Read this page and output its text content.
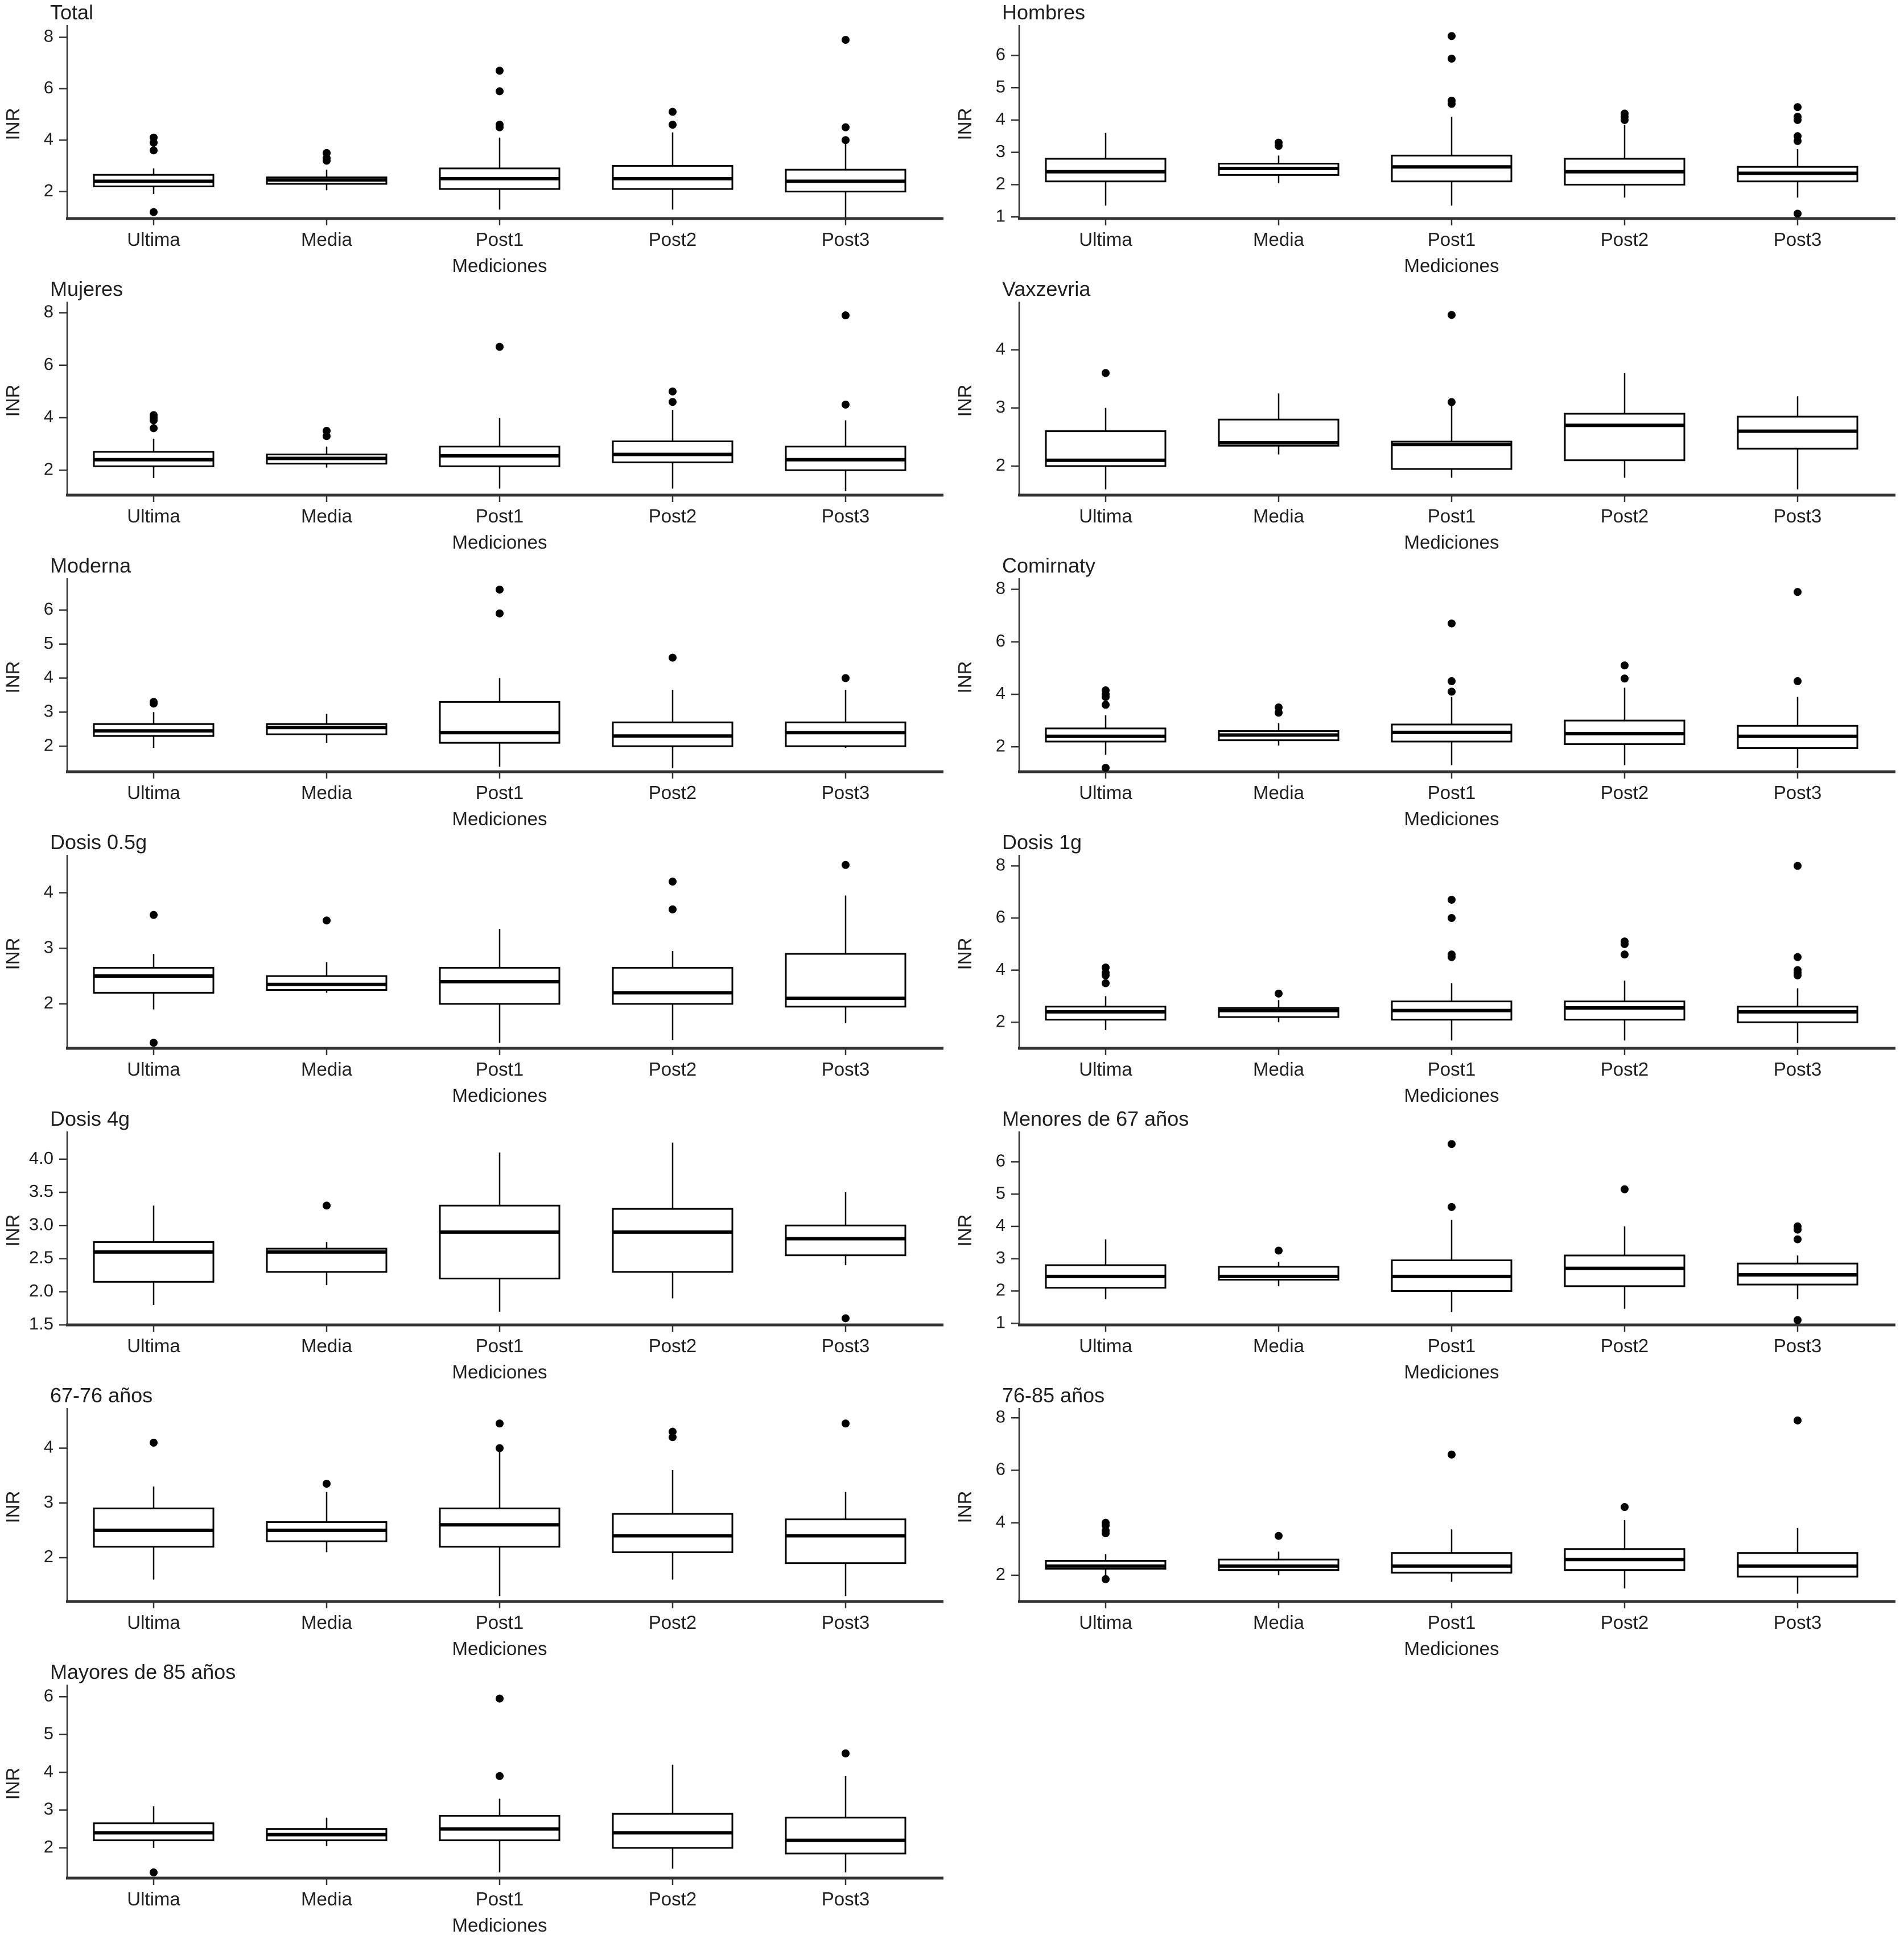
Total
2
4
6
8
INR
Ultima	Media	Post1	Post2	Post3
Mediciones
Hombres
1
2
3
4
5
6
INR
Ultima	Media	Post1	Post2	Post3
Mediciones
Mujeres
2
4
6
8
INR
Ultima	Media	Post1	Post2	Post3
Mediciones
Vaxzevria
2
3
4
INR
Ultima	Media	Post1	Post2	Post3
Mediciones
Moderna
2
3
4
5
6
INR
Ultima	Media	Post1	Post2	Post3
Mediciones
Comirnaty
2
4
6
8
INR
Ultima	Media	Post1	Post2	Post3
Mediciones
Dosis 0.5g
2
3
4
INR
Ultima	Media	Post1	Post2	Post3
Mediciones
Dosis 1g
2
4
6
8
INR
Ultima	Media	Post1	Post2	Post3
Mediciones
Dosis 4g
1.5
2.0
2.5
3.0
3.5
4.0
INR
Ultima	Media	Post1	Post2	Post3
Mediciones
Menores de 67 años
1
2
3
4
5
6
INR
Ultima	Media	Post1	Post2	Post3
Mediciones
67-76 años
2
3
4
INR
Ultima	Media	Post1	Post2	Post3
Mediciones
76-85 años
2
4
6
8
INR
Ultima	Media	Post1	Post2	Post3
Mediciones
Mayores de 85 años
2
3
4
5
6
INR
Ultima	Media	Post1	Post2	Post3
Mediciones
